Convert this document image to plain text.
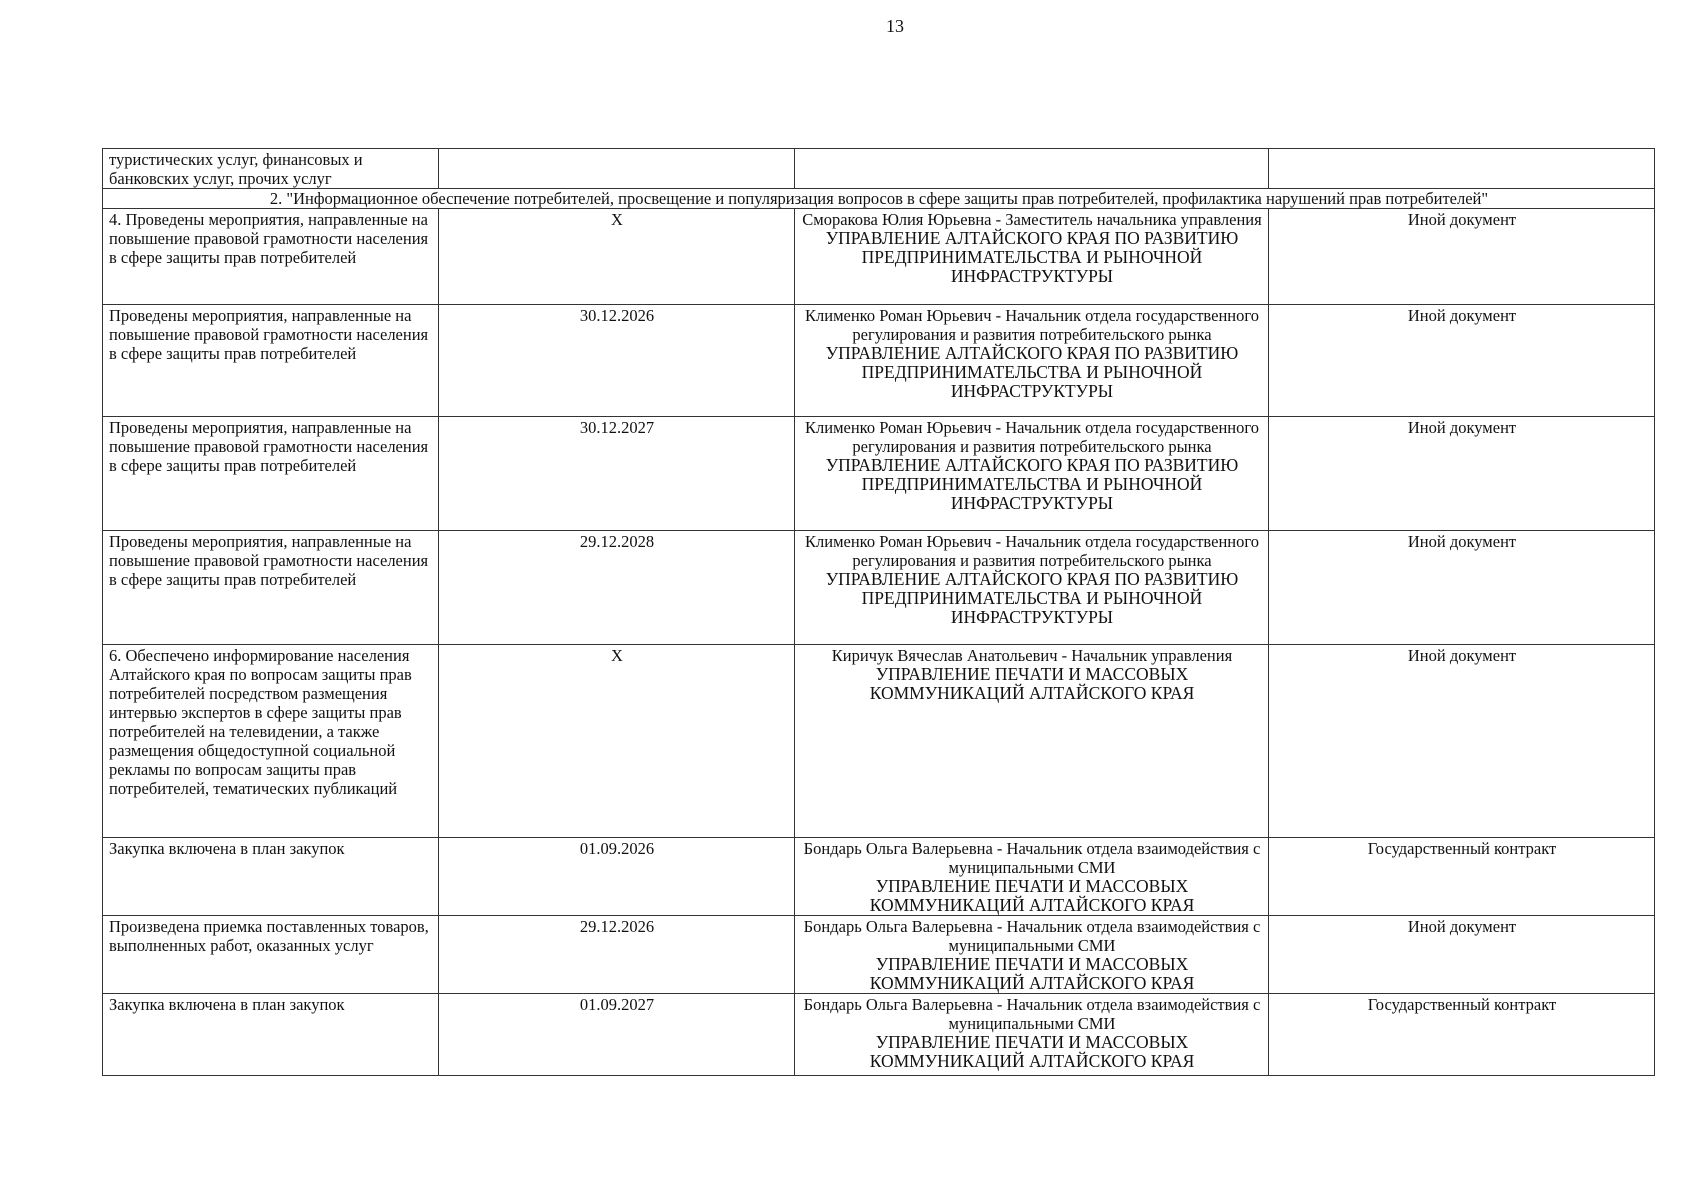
13
туристических услуг, финансовых и банковских услуг, прочих услуг			
2. "Информационное обеспечение потребителей, просвещение и популяризация вопросов в сфере защиты прав потребителей, профилактика нарушений прав потребителей"			
4. Проведены мероприятия, направленные на повышение правовой грамотности населения в сфере защиты прав потребителей	X	Сморакова Юлия Юрьевна - Заместитель начальника управления
УПРАВЛЕНИЕ АЛТАЙСКОГО КРАЯ ПО РАЗВИТИЮ ПРЕДПРИНИМАТЕЛЬСТВА И РЫНОЧНОЙ ИНФРАСТРУКТУРЫ	Иной документ
Проведены мероприятия, направленные на повышение правовой грамотности населения в сфере защиты прав потребителей	30.12.2026	Клименко Роман Юрьевич - Начальник отдела государственного регулирования и развития потребительского рынка
УПРАВЛЕНИЕ АЛТАЙСКОГО КРАЯ ПО РАЗВИТИЮ ПРЕДПРИНИМАТЕЛЬСТВА И РЫНОЧНОЙ ИНФРАСТРУКТУРЫ	Иной документ
Проведены мероприятия, направленные на повышение правовой грамотности населения в сфере защиты прав потребителей	30.12.2027	Клименко Роман Юрьевич - Начальник отдела государственного регулирования и развития потребительского рынка
УПРАВЛЕНИЕ АЛТАЙСКОГО КРАЯ ПО РАЗВИТИЮ ПРЕДПРИНИМАТЕЛЬСТВА И РЫНОЧНОЙ ИНФРАСТРУКТУРЫ	Иной документ
Проведены мероприятия, направленные на повышение правовой грамотности населения в сфере защиты прав потребителей	29.12.2028	Клименко Роман Юрьевич - Начальник отдела государственного регулирования и развития потребительского рынка
УПРАВЛЕНИЕ АЛТАЙСКОГО КРАЯ ПО РАЗВИТИЮ ПРЕДПРИНИМАТЕЛЬСТВА И РЫНОЧНОЙ ИНФРАСТРУКТУРЫ	Иной документ
6. Обеспечено информирование населения Алтайского края по вопросам защиты прав потребителей посредством размещения интервью экспертов в сфере защиты прав потребителей на телевидении, а также размещения общедоступной социальной рекламы по вопросам защиты прав потребителей, тематических публикаций	X	Киричук Вячеслав Анатольевич - Начальник управления
УПРАВЛЕНИЕ ПЕЧАТИ И МАССОВЫХ КОММУНИКАЦИЙ АЛТАЙСКОГО КРАЯ	Иной документ
Закупка включена в план закупок	01.09.2026	Бондарь Ольга Валерьевна - Начальник отдела взаимодействия с муниципальными СМИ
УПРАВЛЕНИЕ ПЕЧАТИ И МАССОВЫХ КОММУНИКАЦИЙ АЛТАЙСКОГО КРАЯ	Государственный контракт
Произведена приемка поставленных товаров, выполненных работ, оказанных услуг	29.12.2026	Бондарь Ольга Валерьевна - Начальник отдела взаимодействия с муниципальными СМИ
УПРАВЛЕНИЕ ПЕЧАТИ И МАССОВЫХ КОММУНИКАЦИЙ АЛТАЙСКОГО КРАЯ	Иной документ
Закупка включена в план закупок	01.09.2027	Бондарь Ольга Валерьевна - Начальник отдела взаимодействия с муниципальными СМИ
УПРАВЛЕНИЕ ПЕЧАТИ И МАССОВЫХ КОММУНИКАЦИЙ АЛТАЙСКОГО КРАЯ	Государственный контракт
